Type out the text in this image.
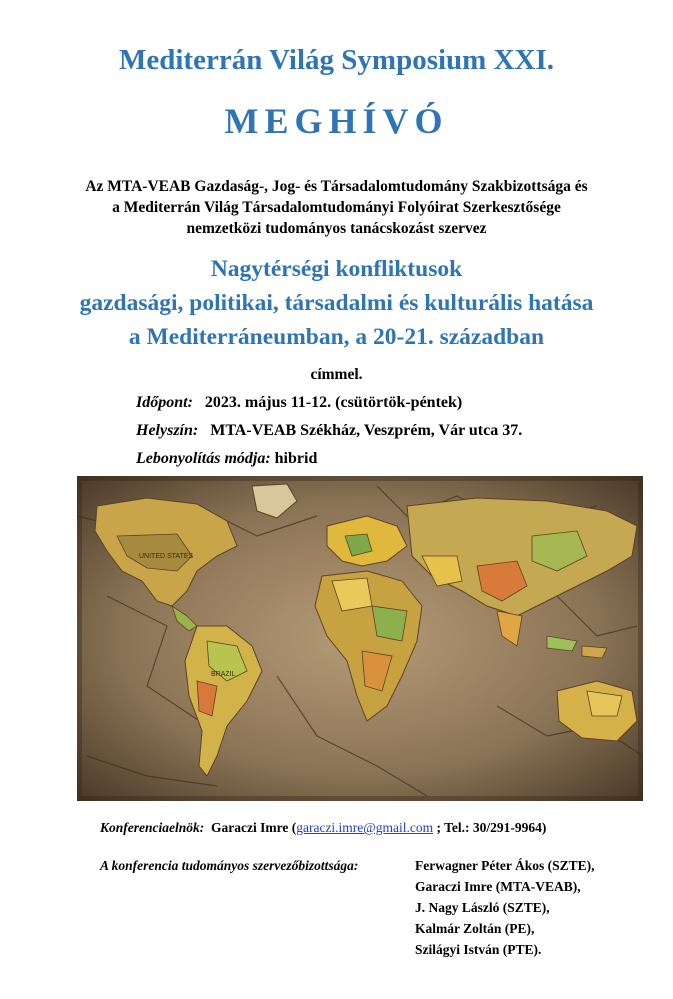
Mediterrán Világ Symposium XXI.
MEGHÍVÓ
Az MTA-VEAB Gazdaság-, Jog- és Társadalomtudomány Szakbizottsága és
a Mediterrán Világ Társadalomtudományi Folyóirat Szerkesztősége
nemzetközi tudományos tanácskozást szervez
Nagytérségi konfliktusok
gazdasági, politikai, társadalmi és kulturális hatása
a Mediterráneumban, a 20-21. században
címmel.
Időpont: 2023. május 11-12. (csütörtök-péntek)
Helyszín: MTA-VEAB Székház, Veszprém, Vár utca 37.
Lebonyolítás módja: hibrid
UNITED STATES
BRAZIL
Konferenciaelnök: Garaczi Imre (garaczi.imre@gmail.com ; Tel.: 30/291-9964)
A konferencia tudományos szervezőbizottsága:	Ferwagner Péter Ákos (SZTE),
Garaczi Imre (MTA-VEAB),
J. Nagy László (SZTE),
Kalmár Zoltán (PE),
Szilágyi István (PTE).
